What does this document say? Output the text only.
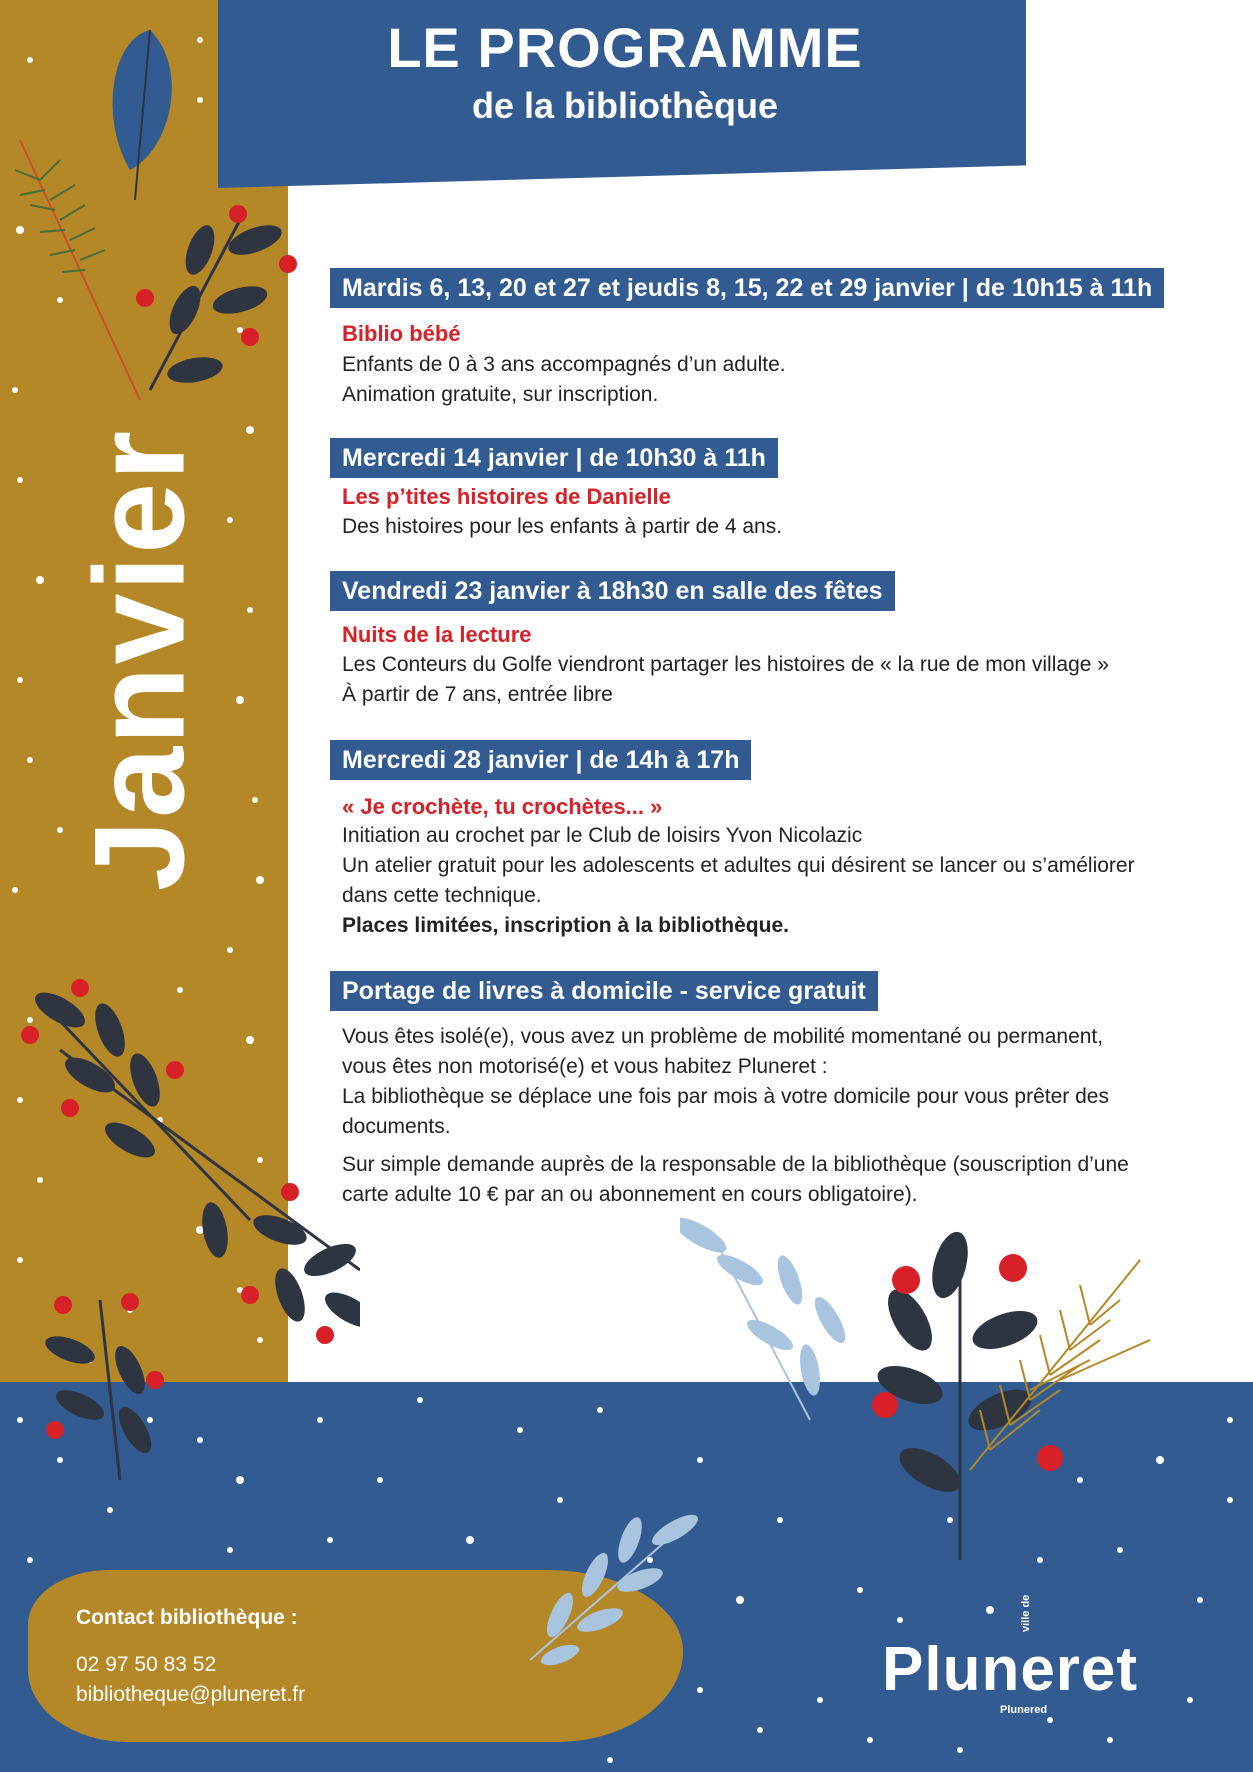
LE PROGRAMME
de la bibliothèque
Janvier
Mardis 6, 13, 20 et 27 et jeudis 8, 15, 22 et 29 janvier | de 10h15 à 11h
Biblio bébé
Enfants de 0 à 3 ans accompagnés d’un adulte.
Animation gratuite, sur inscription.
Mercredi 14 janvier | de 10h30 à 11h
Les p’tites histoires de Danielle
Des histoires pour les enfants à partir de 4 ans.
Vendredi 23 janvier à 18h30 en salle des fêtes
Nuits de la lecture
Les Conteurs du Golfe viendront partager les histoires de « la rue de mon village »
À partir de 7 ans, entrée libre
Mercredi 28 janvier | de 14h à 17h
« Je crochète, tu crochètes... »
Initiation au crochet par le Club de loisirs Yvon Nicolazic
Un atelier gratuit pour les adolescents et adultes qui désirent se lancer ou s’améliorer
dans cette technique.
Places limitées, inscription à la bibliothèque.
Portage de livres à domicile - service gratuit
Vous êtes isolé(e), vous avez un problème de mobilité momentané ou permanent,
vous êtes non motorisé(e) et vous habitez Pluneret :
La bibliothèque se déplace une fois par mois à votre domicile pour vous prêter des
documents.
Sur simple demande auprès de la responsable de la bibliothèque (souscription d’une
carte adulte 10 € par an ou abonnement en cours obligatoire).
Contact bibliothèque :
02 97 50 83 52
bibliotheque@pluneret.fr
ville de
Pluneret
Plunered
